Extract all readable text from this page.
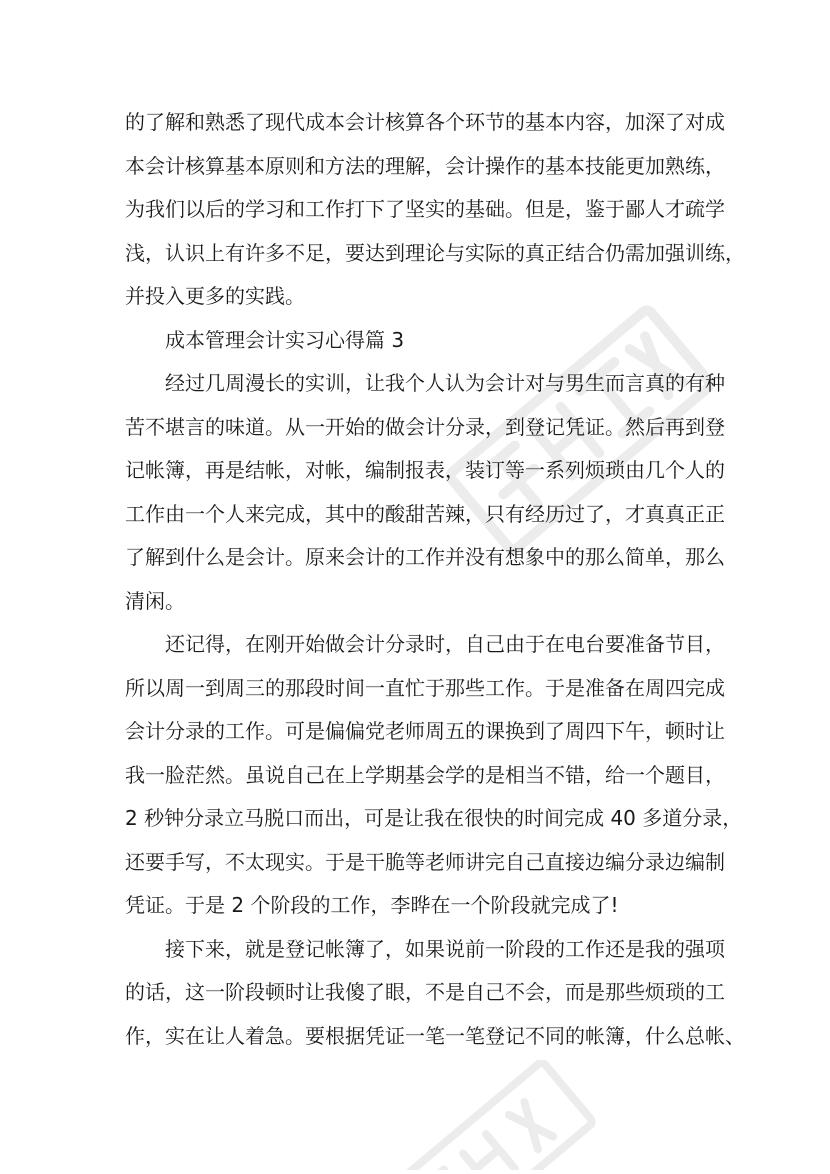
的了解和熟悉了现代成本会计核算各个环节的基本内容，加深了对成
本会计核算基本原则和方法的理解，会计操作的基本技能更加熟练，
为我们以后的学习和工作打下了坚实的基础。但是，鉴于鄙人才疏学
浅，认识上有许多不足，要达到理论与实际的真正结合仍需加强训练，
并投入更多的实践。
成本管理会计实习心得篇 3
经过几周漫长的实训，让我个人认为会计对与男生而言真的有种
苦不堪言的味道。从一开始的做会计分录，到登记凭证。然后再到登
记帐簿，再是结帐，对帐，编制报表，装订等一系列烦琐由几个人的
工作由一个人来完成，其中的酸甜苦辣，只有经历过了，才真真正正
了解到什么是会计。原来会计的工作并没有想象中的那么简单，那么
清闲。
还记得，在刚开始做会计分录时，自己由于在电台要准备节目，
所以周一到周三的那段时间一直忙于那些工作。于是准备在周四完成
会计分录的工作。可是偏偏党老师周五的课换到了周四下午，顿时让
我一脸茫然。虽说自己在上学期基会学的是相当不错，给一个题目，
2 秒钟分录立马脱口而出，可是让我在很快的时间完成 40 多道分录，
还要手写，不太现实。于是干脆等老师讲完自己直接边编分录边编制
凭证。于是 2 个阶段的工作，李晔在一个阶段就完成了!
接下来，就是登记帐簿了，如果说前一阶段的工作还是我的强项
的话，这一阶段顿时让我傻了眼，不是自己不会，而是那些烦琐的工
作，实在让人着急。要根据凭证一笔一笔登记不同的帐簿，什么总帐、
